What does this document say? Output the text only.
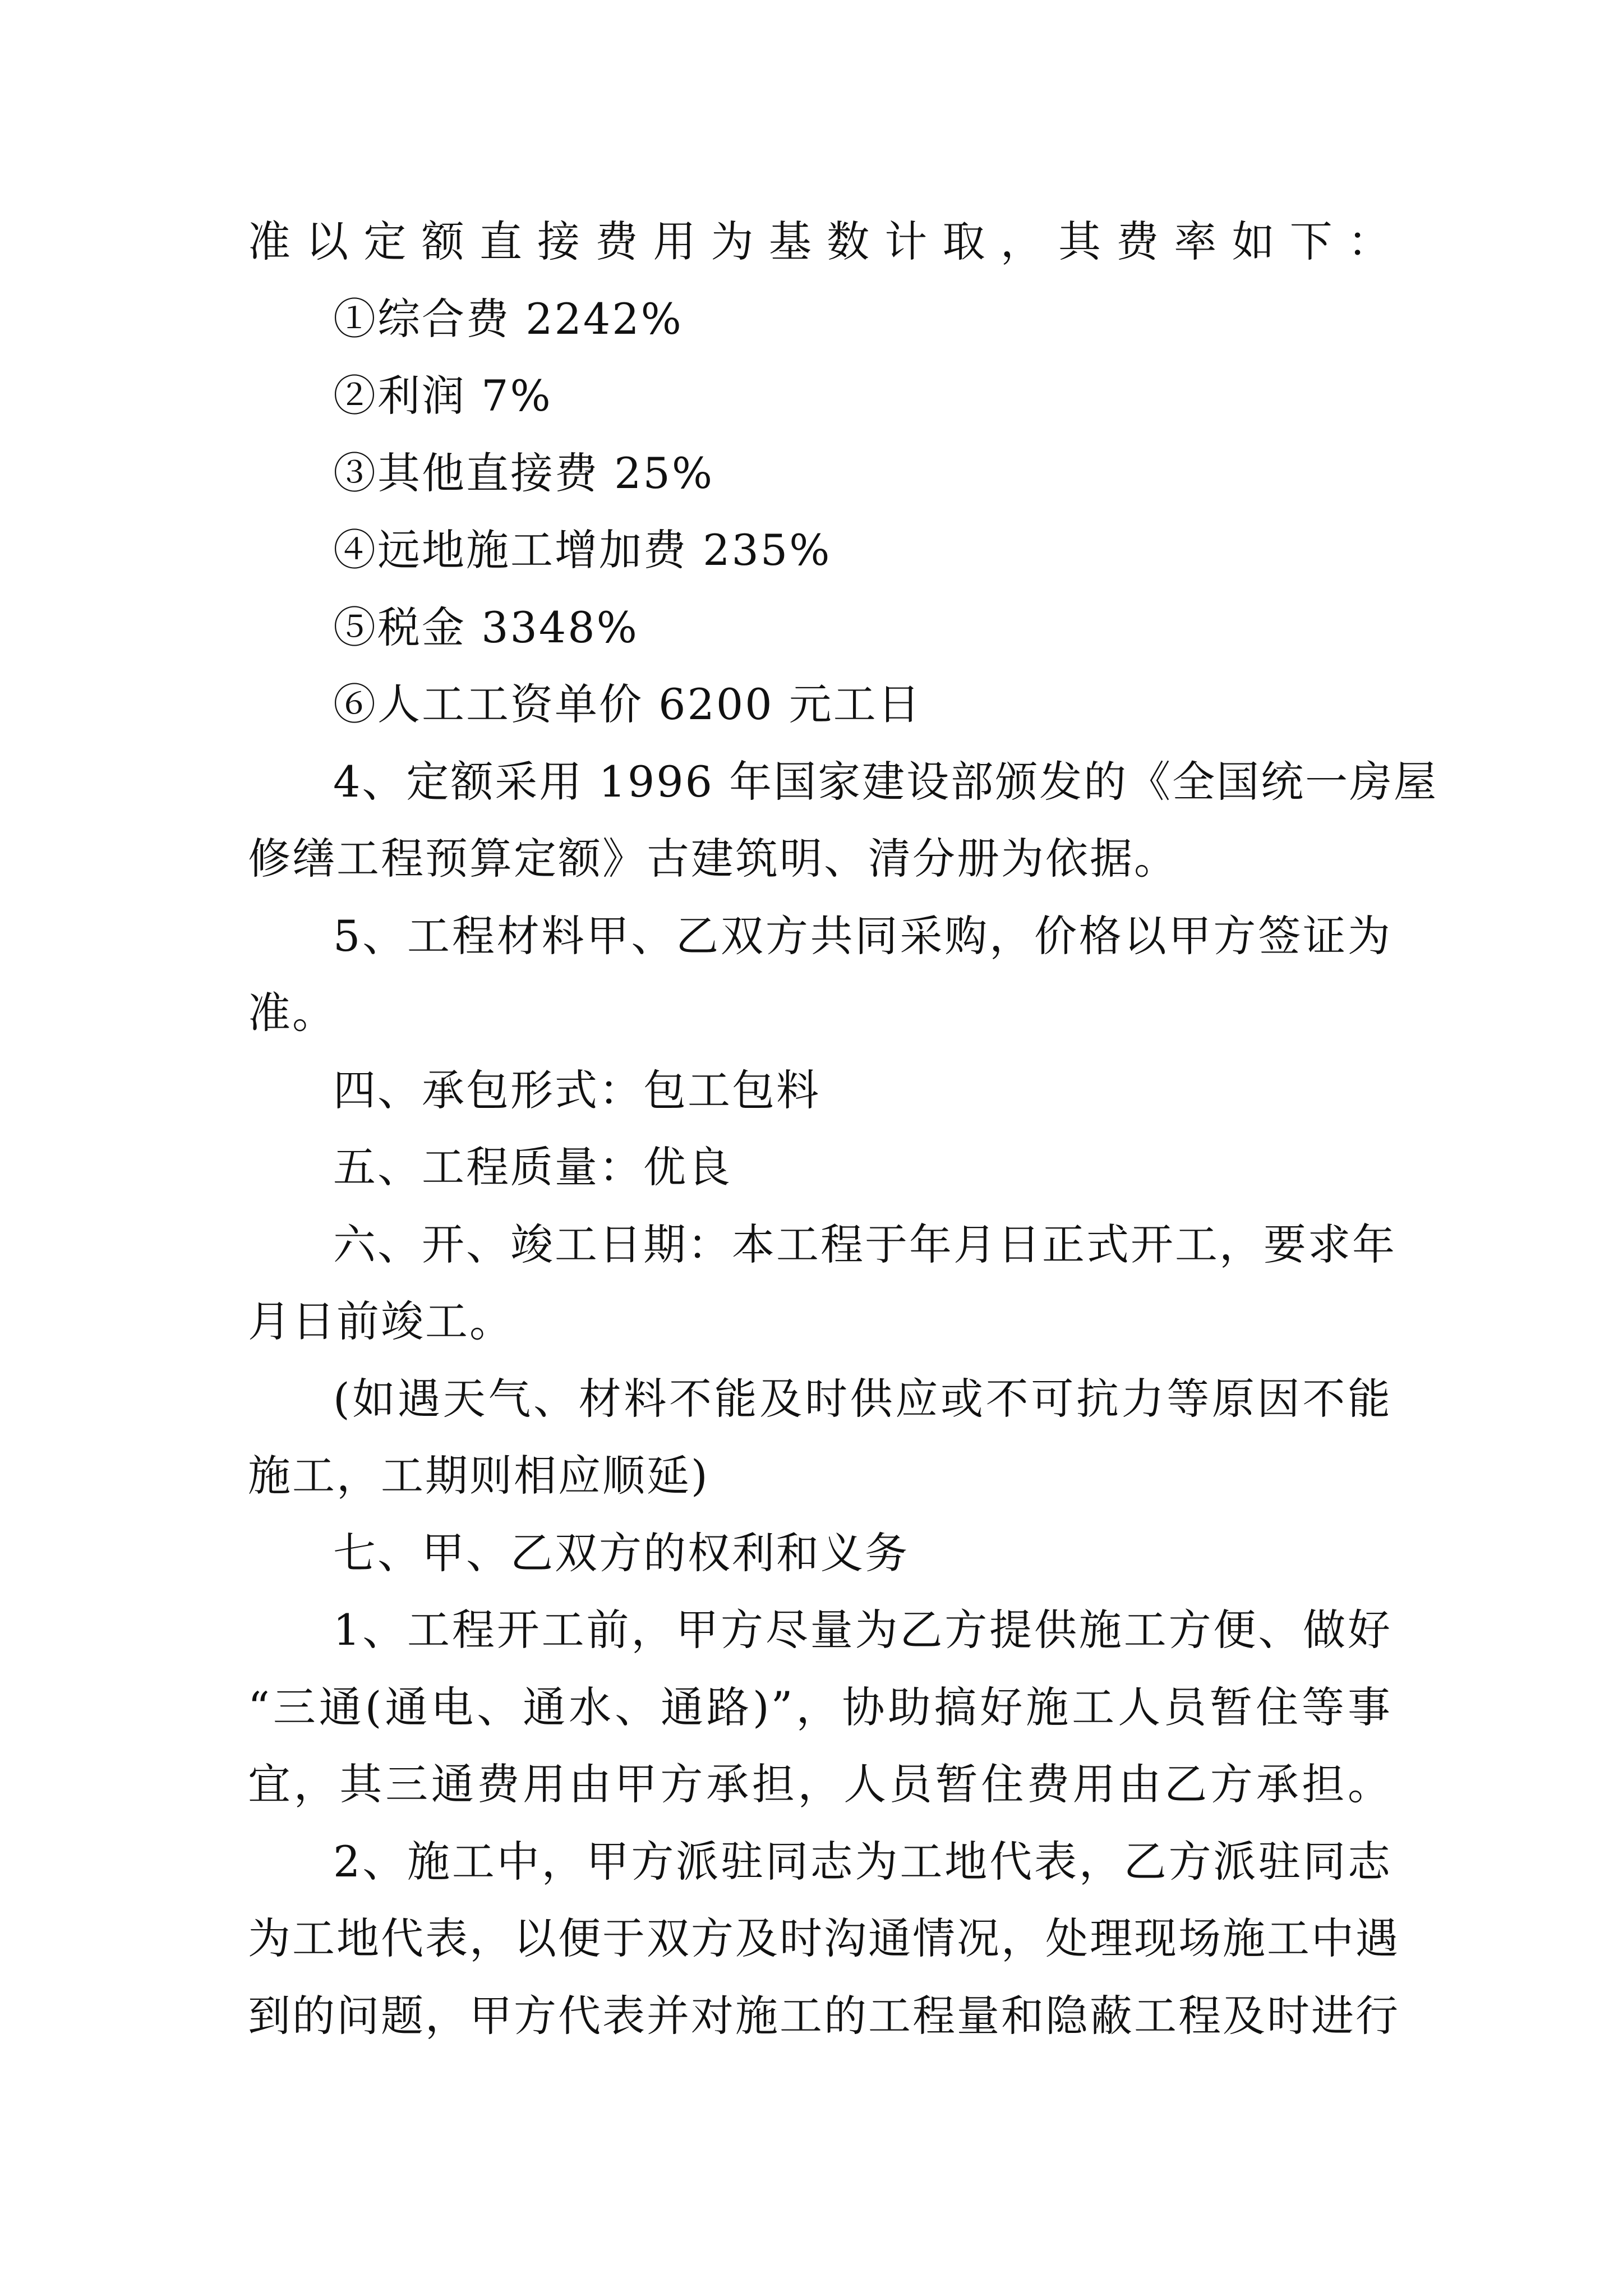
准以定额直接费用为基数计取，其费率如下：
①综合费 2242%
②利润 7%
③其他直接费 25%
④远地施工增加费 235%
⑤税金 3348%
⑥人工工资单价 6200 元工日
4、定额采用 1996 年国家建设部颁发的《全国统一房屋
修缮工程预算定额》古建筑明、清分册为依据。
5、工程材料甲、乙双方共同采购，价格以甲方签证为
准。
四、承包形式：包工包料
五、工程质量：优良
六、开、竣工日期：本工程于年月日正式开工，要求年
月日前竣工。
(如遇天气、材料不能及时供应或不可抗力等原因不能
施工，工期则相应顺延)
七、甲、乙双方的权利和义务
1、工程开工前，甲方尽量为乙方提供施工方便、做好
“三通(通电、通水、通路)”，协助搞好施工人员暂住等事
宜，其三通费用由甲方承担，人员暂住费用由乙方承担。
2、施工中，甲方派驻同志为工地代表，乙方派驻同志
为工地代表，以便于双方及时沟通情况，处理现场施工中遇
到的问题，甲方代表并对施工的工程量和隐蔽工程及时进行
